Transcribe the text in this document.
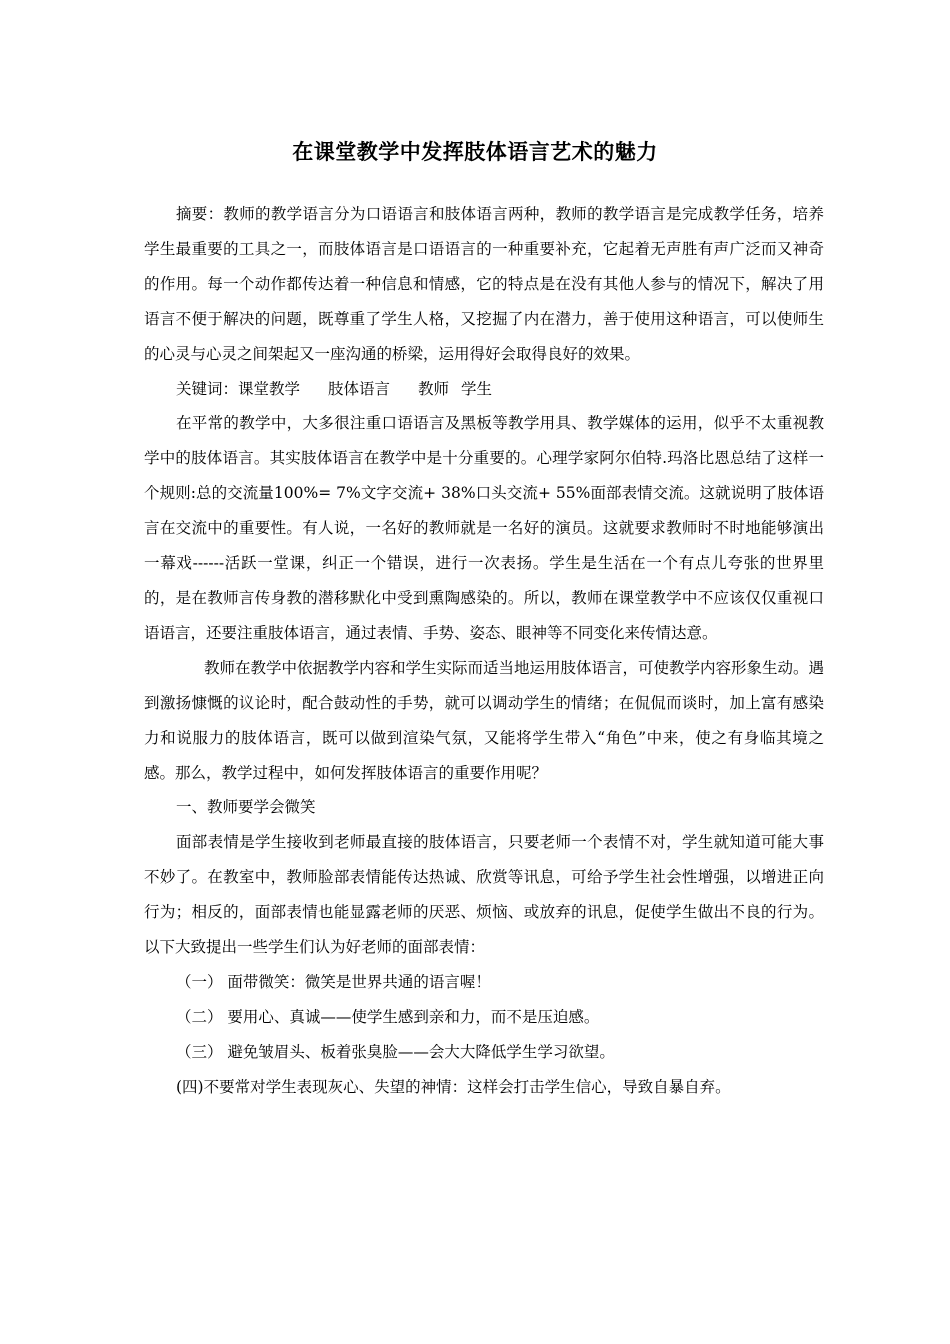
在课堂教学中发挥肢体语言艺术的魅力

摘要：教师的教学语言分为口语语言和肢体语言两种，教师的教学语言是完成教学任务，培养学生最重要的工具之一，而肢体语言是口语语言的一种重要补充，它起着无声胜有声广泛而又神奇的作用。每一个动作都传达着一种信息和情感，它的特点是在没有其他人参与的情况下，解决了用语言不便于解决的问题，既尊重了学生人格，又挖掘了内在潜力，善于使用这种语言，可以使师生的心灵与心灵之间架起又一座沟通的桥梁，运用得好会取得良好的效果。

关键词：课堂教学 肢体语言 教师 学生

在平常的教学中，大多很注重口语语言及黑板等教学用具、教学媒体的运用，似乎不太重视教学中的肢体语言。其实肢体语言在教学中是十分重要的。心理学家阿尔伯特.玛洛比恩总结了这样一个规则:总的交流量100%= 7%文字交流+ 38%口头交流+ 55%面部表情交流。这就说明了肢体语言在交流中的重要性。有人说，一名好的教师就是一名好的演员。这就要求教师时不时地能够演出一幕戏------活跃一堂课，纠正一个错误，进行一次表扬。学生是生活在一个有点儿夸张的世界里的，是在教师言传身教的潜移默化中受到熏陶感染的。所以，教师在课堂教学中不应该仅仅重视口语语言，还要注重肢体语言，通过表情、手势、姿态、眼神等不同变化来传情达意。

教师在教学中依据教学内容和学生实际而适当地运用肢体语言，可使教学内容形象生动。遇到激扬慷慨的议论时，配合鼓动性的手势，就可以调动学生的情绪；在侃侃而谈时，加上富有感染力和说服力的肢体语言，既可以做到渲染气氛，又能将学生带入“角色”中来，使之有身临其境之感。那么，教学过程中，如何发挥肢体语言的重要作用呢？

一、教师要学会微笑

面部表情是学生接收到老师最直接的肢体语言，只要老师一个表情不对，学生就知道可能大事不妙了。在教室中，教师脸部表情能传达热诚、欣赏等讯息，可给予学生社会性增强，以增进正向行为；相反的，面部表情也能显露老师的厌恶、烦恼、或放弃的讯息，促使学生做出不良的行为。以下大致提出一些学生们认为好老师的面部表情：

（一） 面带微笑：微笑是世界共通的语言喔！

（二） 要用心、真诚——使学生感到亲和力，而不是压迫感。

（三） 避免皱眉头、板着张臭脸——会大大降低学生学习欲望。

(四)不要常对学生表现灰心、失望的神情：这样会打击学生信心，导致自暴自弃。
